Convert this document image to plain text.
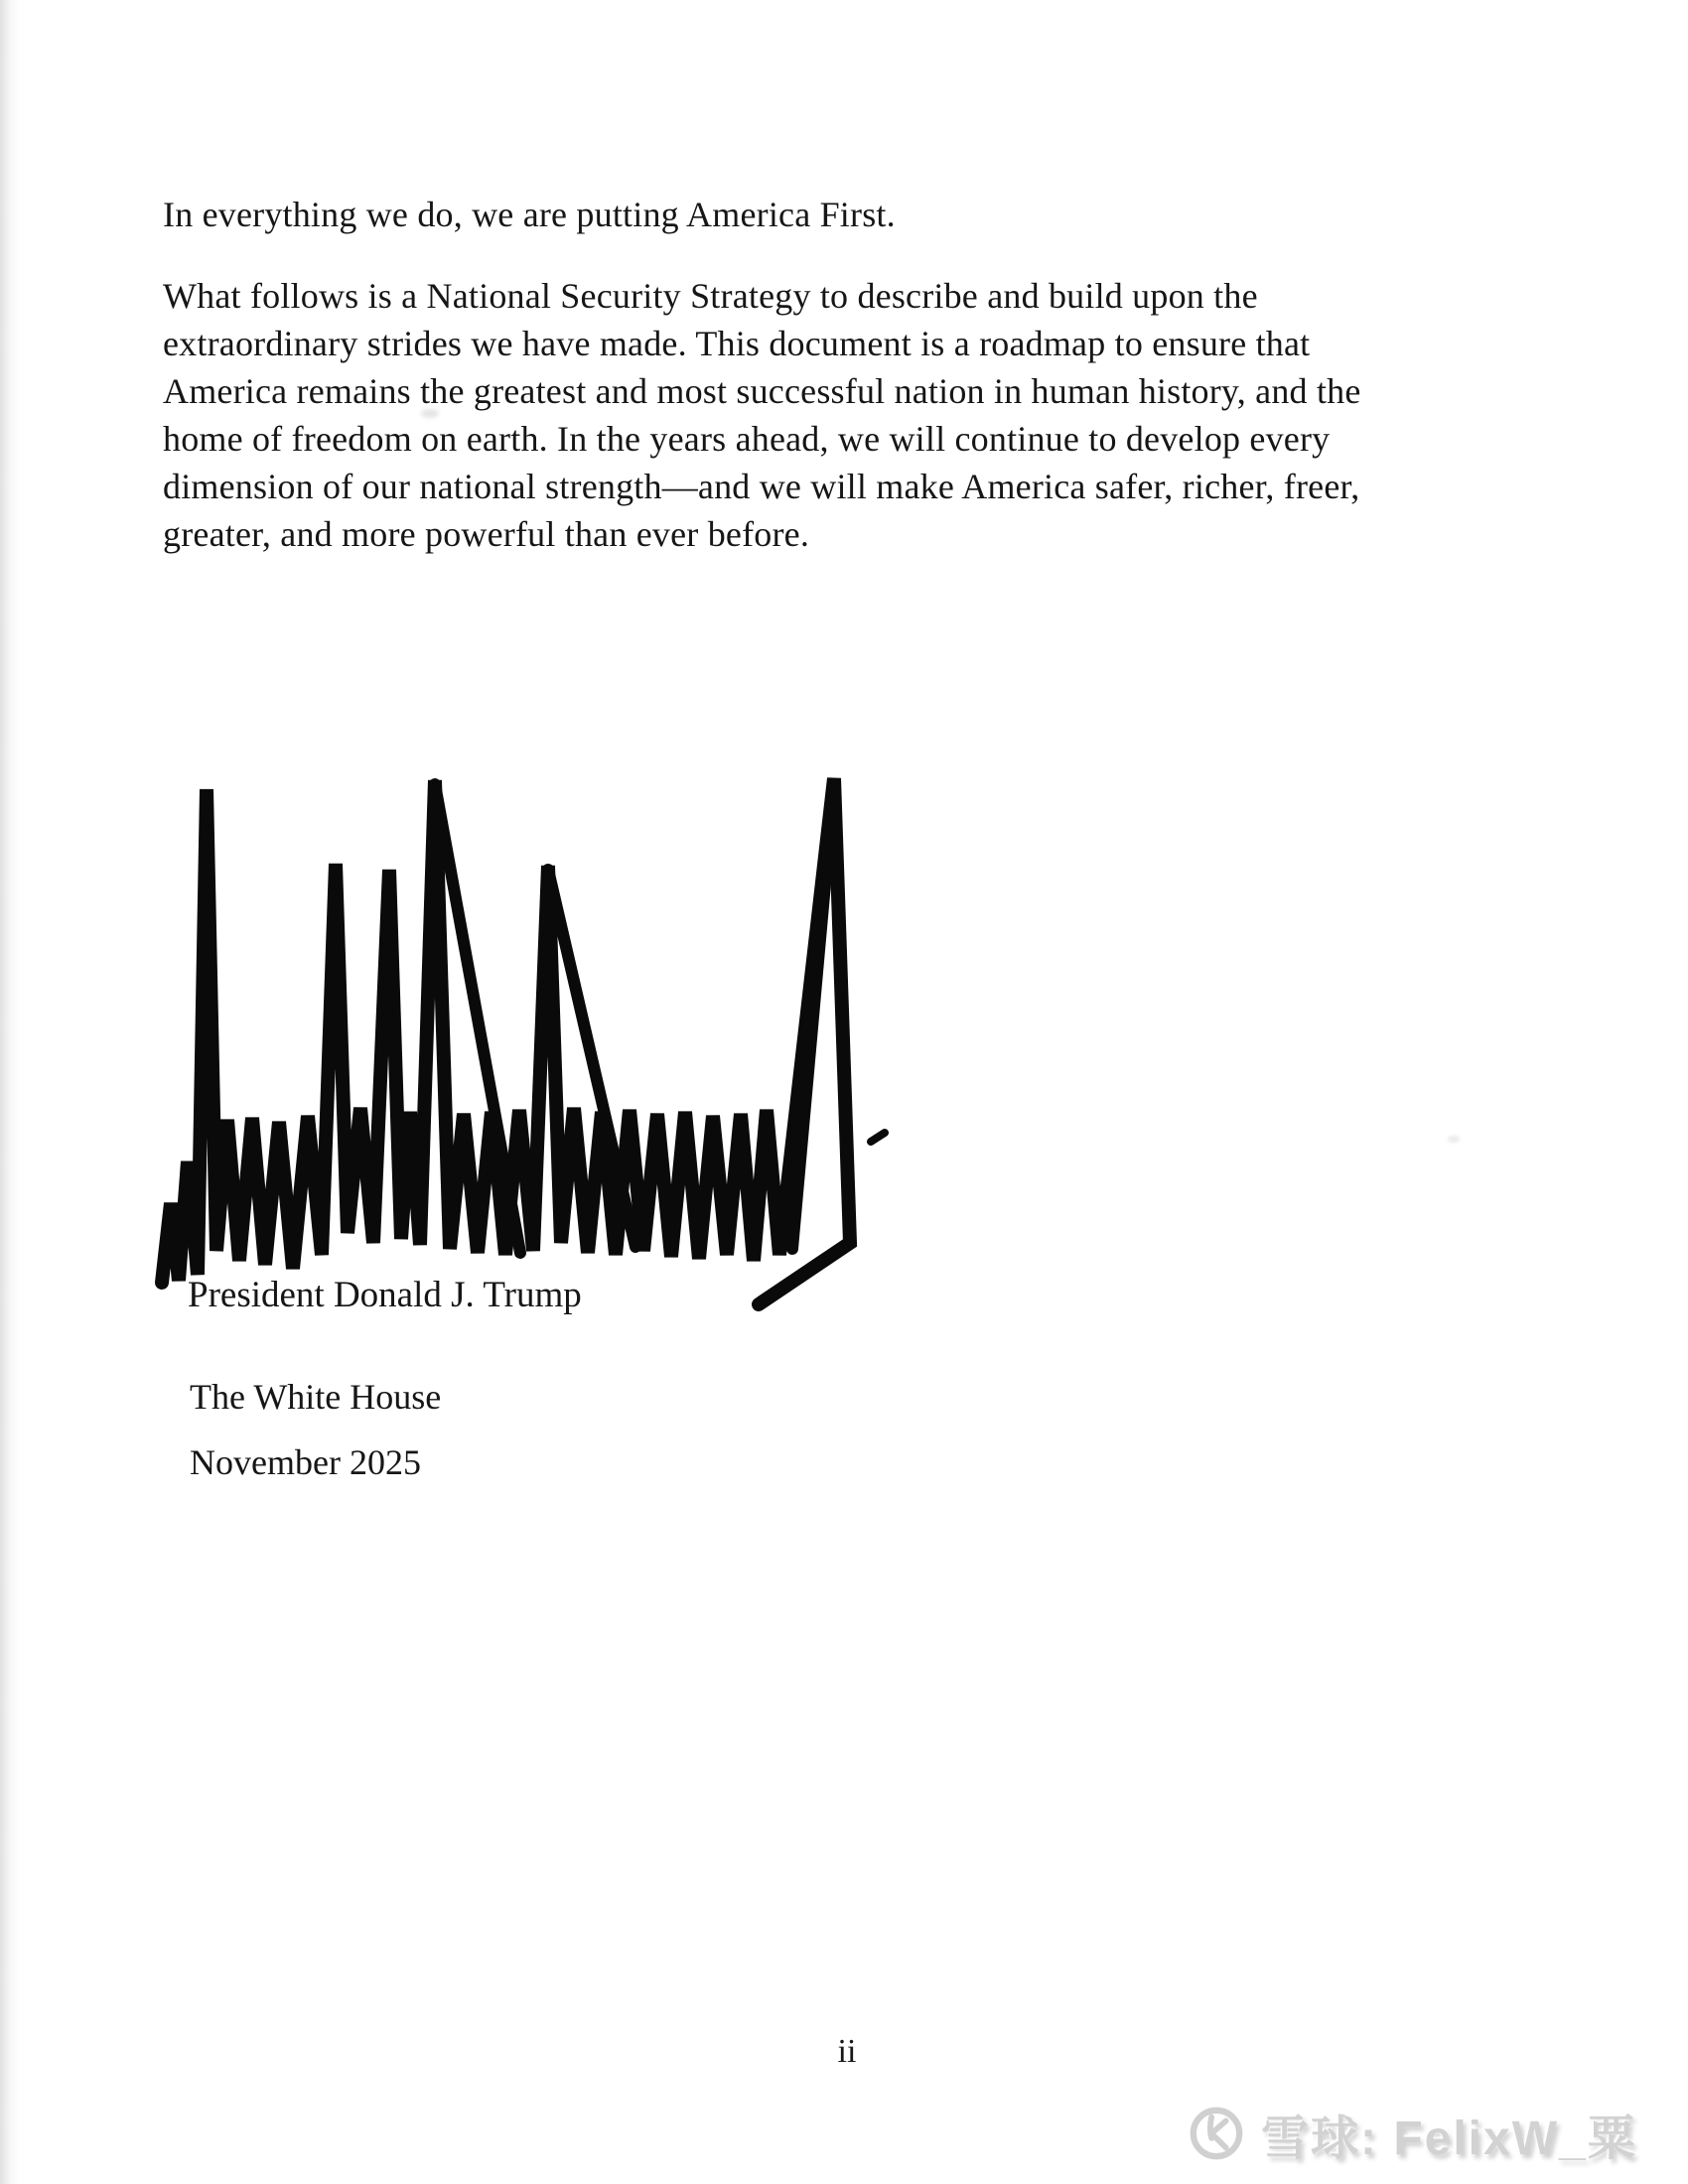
In everything we do, we are putting America First.
What follows is a National Security Strategy to describe and build upon the
extraordinary strides we have made. This document is a roadmap to ensure that
America remains the greatest and most successful nation in human history, and the
home of freedom on earth. In the years ahead, we will continue to develop every
dimension of our national strength—and we will make America safer, richer, freer,
greater, and more powerful than ever before.
President Donald J. Trump
The White House
November 2025
ii
雪球: FelixW_粟
